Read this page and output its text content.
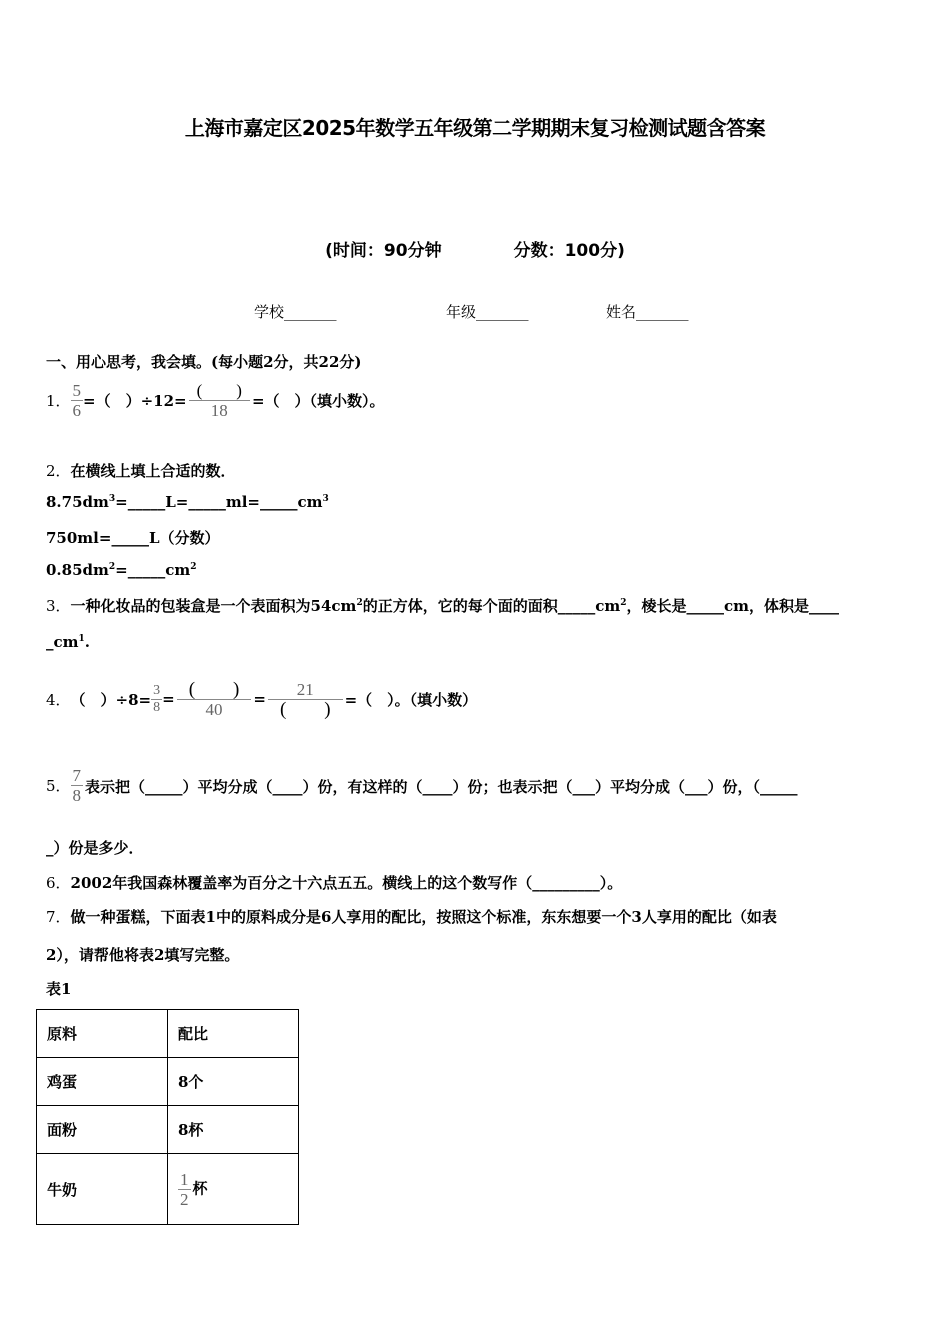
上海市嘉定区2025年数学五年级第二学期期末复习检测试题含答案
(时间：90分钟	分数：100分)
学校_______	年级_______	姓名_______
一、用心思考，我会填。(每小题2分，共22分)
1．
5
6 =（　）÷12=
(　　)
18 =（　）（填小数）。
2．在横线上填上合适的数．
$8.75dm^3=\_\_\_\_\_L=\_\_\_\_\_ml=\_\_\_\_\_cm^3$
750ml=_____L（分数）
$0.85dm^2=\_\_\_\_\_cm^2$
3．一种化妆品的包装盒是一个表面积为$54cm^2$的正方体，它的每个面的面积$\_\_\_\_\_cm^2$，棱长是_____cm，体积是____
$\_cm^1$.
4． （　）÷8=
3
8 = (　　)
40
=
21
(　　) =（　）。（填小数）
5．
7
8 表示把（_____）平均分成（____）份，有这样的（____）份；也表示把（___）平均分成（___）份，（_____
_）份是多少．
6．2002年我国森林覆盖率为百分之十六点五五。横线上的这个数写作（_________）。
7．做一种蛋糕，下面表1中的原料成分是6人享用的配比，按照这个标准，东东想要一个3人享用的配比（如表
2），请帮他将表2填写完整。
表1
原料	配比
鸡蛋	8个
面粉	8杯
牛奶	$\frac{1}{2}$ 杯
